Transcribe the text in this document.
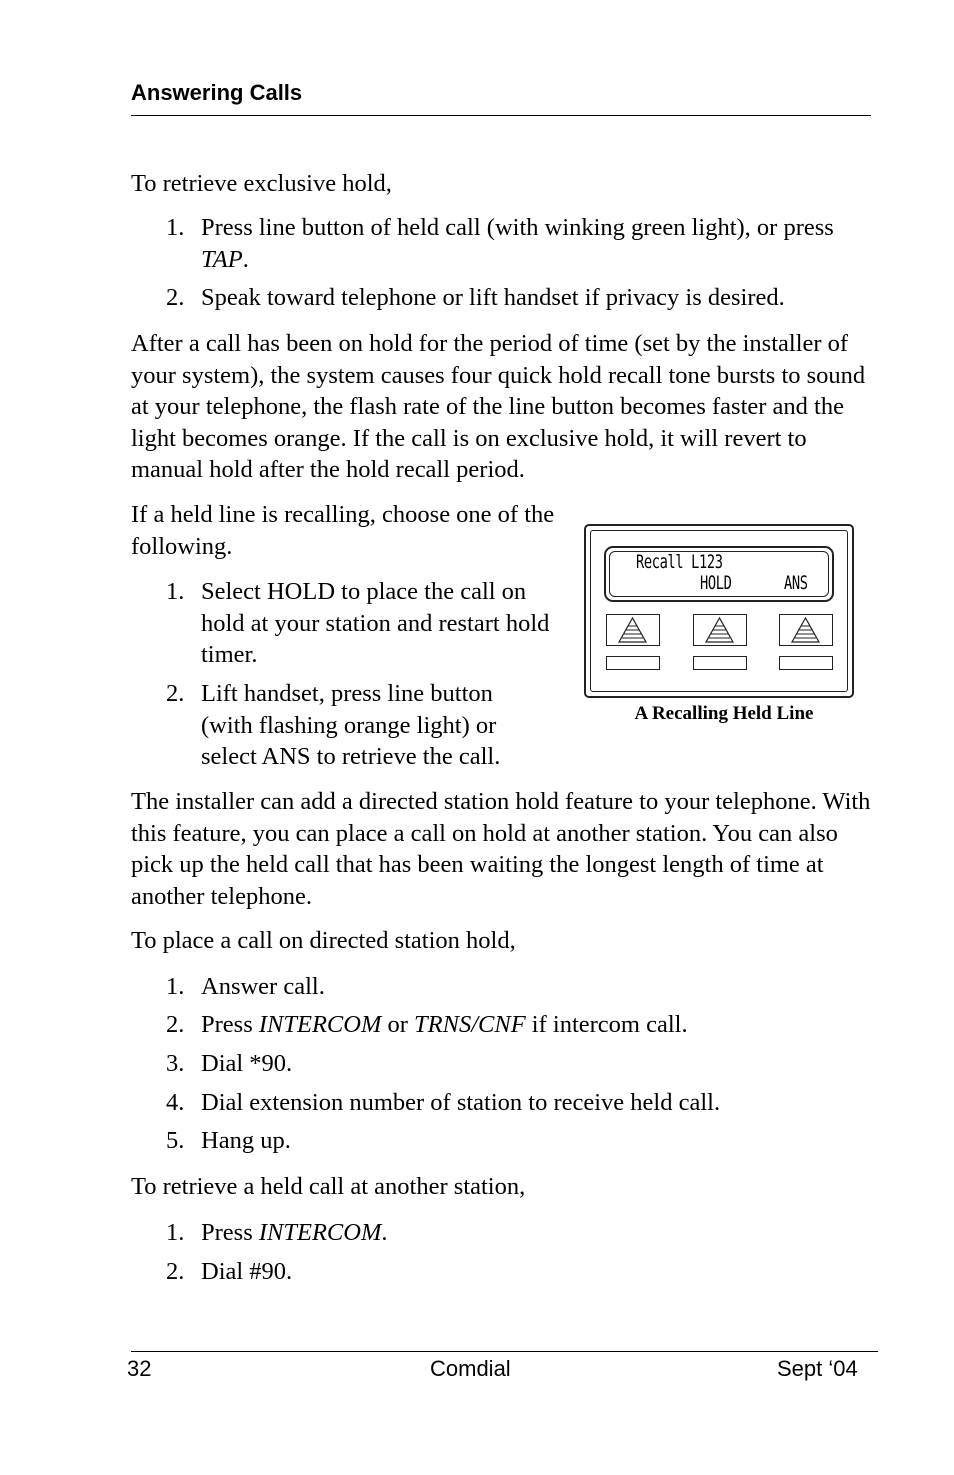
Answering Calls

To retrieve exclusive hold,

1. Press line button of held call (with winking green light), or press TAP.
2. Speak toward telephone or lift handset if privacy is desired.

After a call has been on hold for the period of time (set by the installer of your system), the system causes four quick hold recall tone bursts to sound at your telephone, the flash rate of the line button becomes faster and the light becomes orange. If the call is on exclusive hold, it will revert to manual hold after the hold recall period.

If a held line is recalling, choose one of the following.

1. Select HOLD to place the call on hold at your station and restart hold timer.
2. Lift handset, press line button (with flashing orange light) or select ANS to retrieve the call.
Recall L123
HOLD	ANS
A Recalling Held Line

The installer can add a directed station hold feature to your telephone. With this feature, you can place a call on hold at another station. You can also pick up the held call that has been waiting the longest length of time at another telephone.

To place a call on directed station hold,

1. Answer call.
2. Press INTERCOM or TRNS/CNF if intercom call.
3. Dial *90.
4. Dial extension number of station to receive held call.
5. Hang up.

To retrieve a held call at another station,

1. Press INTERCOM.
2. Dial #90.
32	Comdial	Sept ‘04
